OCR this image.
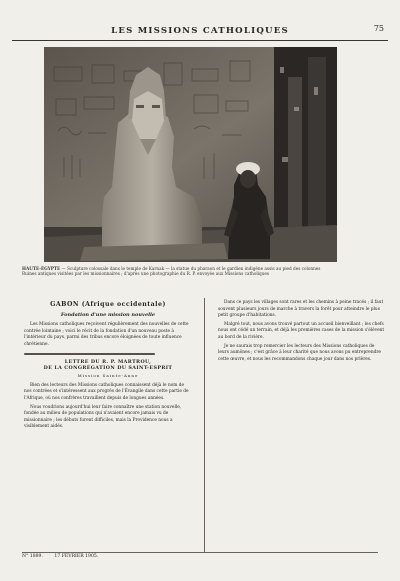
LES MISSIONS CATHOLIQUES	75
HAUTE-ÉGYPTE — Sculpture colossale dans le temple de Karnak — la statue du pharaon et le gardien indigène assis au pied des colonnes
Ruines antiques visitées par les missionnaires ; d'après une photographie du R. P. envoyée aux Missions catholiques
GABON (Afrique occidentale)
Fondation d'une mission nouvelle

Les Missions catholiques reçoivent régulièrement des nouvelles de cette contrée lointaine ; voici le récit de la fondation d'un nouveau poste à l'intérieur du pays, parmi des tribus encore éloignées de toute influence chrétienne.

LETTRE DU R. P. MARTROU,
DE LA CONGRÉGATION DU SAINT-ESPRIT
Mission Sainte-Anne

Bien des lecteurs des Missions catholiques connaissent déjà le nom de nos contrées et s'intéressent aux progrès de l'Évangile dans cette partie de l'Afrique, où nos confrères travaillent depuis de longues années.

Nous voudrions aujourd'hui leur faire connaître une station nouvelle, fondée au milieu de populations qui n'avaient encore jamais vu de missionnaire ; les débuts furent difficiles, mais la Providence nous a visiblement aidés.

Dans ce pays les villages sont rares et les chemins à peine tracés ; il faut souvent plusieurs jours de marche à travers la forêt pour atteindre le plus petit groupe d'habitations.

Malgré tout, nous avons trouvé partout un accueil bienveillant ; les chefs nous ont cédé un terrain, et déjà les premières cases de la mission s'élèvent au bord de la rivière.

Je ne saurais trop remercier les lecteurs des Missions catholiques de leurs aumônes ; c'est grâce à leur charité que nous avons pu entreprendre cette œuvre, et nous les recommandons chaque jour dans nos prières.

N° 1889. 17 FÉVRIER 1905.
